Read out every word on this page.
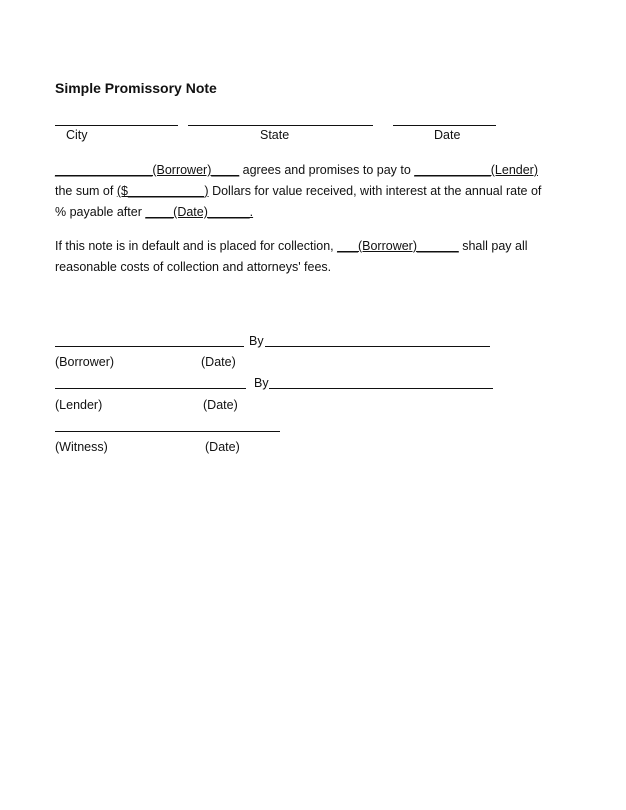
Simple Promissory Note
City	State	Date
______________(Borrower)____ agrees and promises to pay to ___________(Lender)
the sum of ($___________) Dollars for value received, with interest at the annual rate of
% payable after ____(Date)______.
If this note is in default and is placed for collection, ___(Borrower)______ shall pay all
reasonable costs of collection and attorneys' fees.
By
(Borrower)	(Date)
By
(Lender)	(Date)
(Witness)	(Date)
